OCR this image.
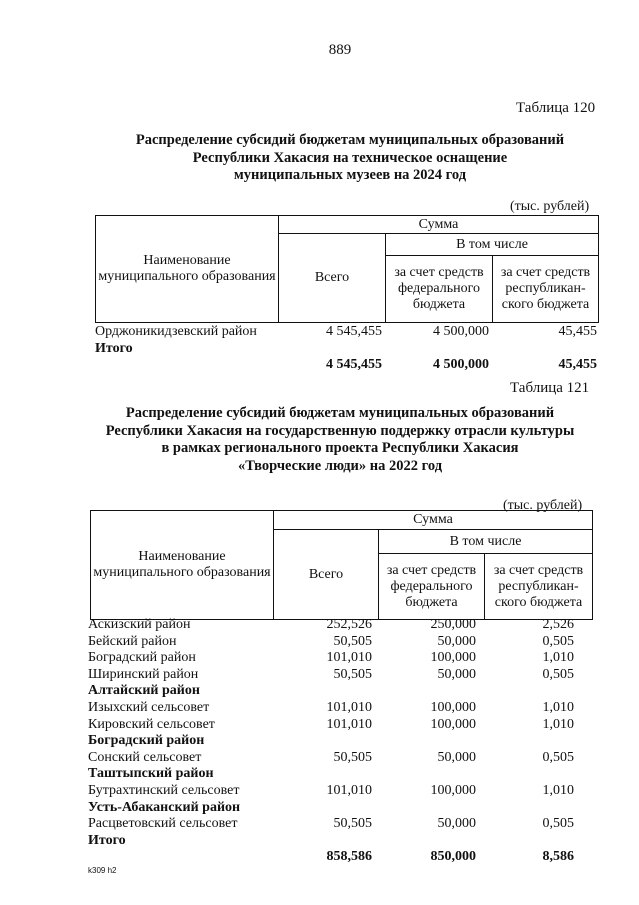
889
Таблица 120
Распределение субсидий бюджетам муниципальных образований
Республики Хакасия на техническое оснащение
муниципальных музеев на 2024 год
(тыс. рублей)
Наименование муниципального образования	Сумма		
	Всего	В том числе	
		за счет средств федерального бюджета	за счет средств республикан-ского бюджета
Орджоникидзевский район	4 545,455	4 500,000	45,455
Итого
4 545,455	4 500,000	45,455
Таблица 121
Распределение субсидий бюджетам муниципальных образований
Республики Хакасия на государственную поддержку отрасли культуры
в рамках регионального проекта Республики Хакасия
«Творческие люди» на 2022 год
(тыс. рублей)
Наименование муниципального образования	Сумма		
	Всего	В том числе	
		за счет средств федерального бюджета	за счет средств республикан-ского бюджета
Аскизский район	252,526	250,000	2,526
Бейский район	50,505	50,000	0,505
Боградский район	101,010	100,000	1,010
Ширинский район	50,505	50,000	0,505
Алтайский район
Изыхский сельсовет	101,010	100,000	1,010
Кировский сельсовет	101,010	100,000	1,010
Боградский район
Сонский сельсовет	50,505	50,000	0,505
Таштыпский район
Бутрахтинский сельсовет	101,010	100,000	1,010
Усть-Абаканский район
Расцветовский сельсовет	50,505	50,000	0,505
Итого
858,586	850,000	8,586
k309 h2
